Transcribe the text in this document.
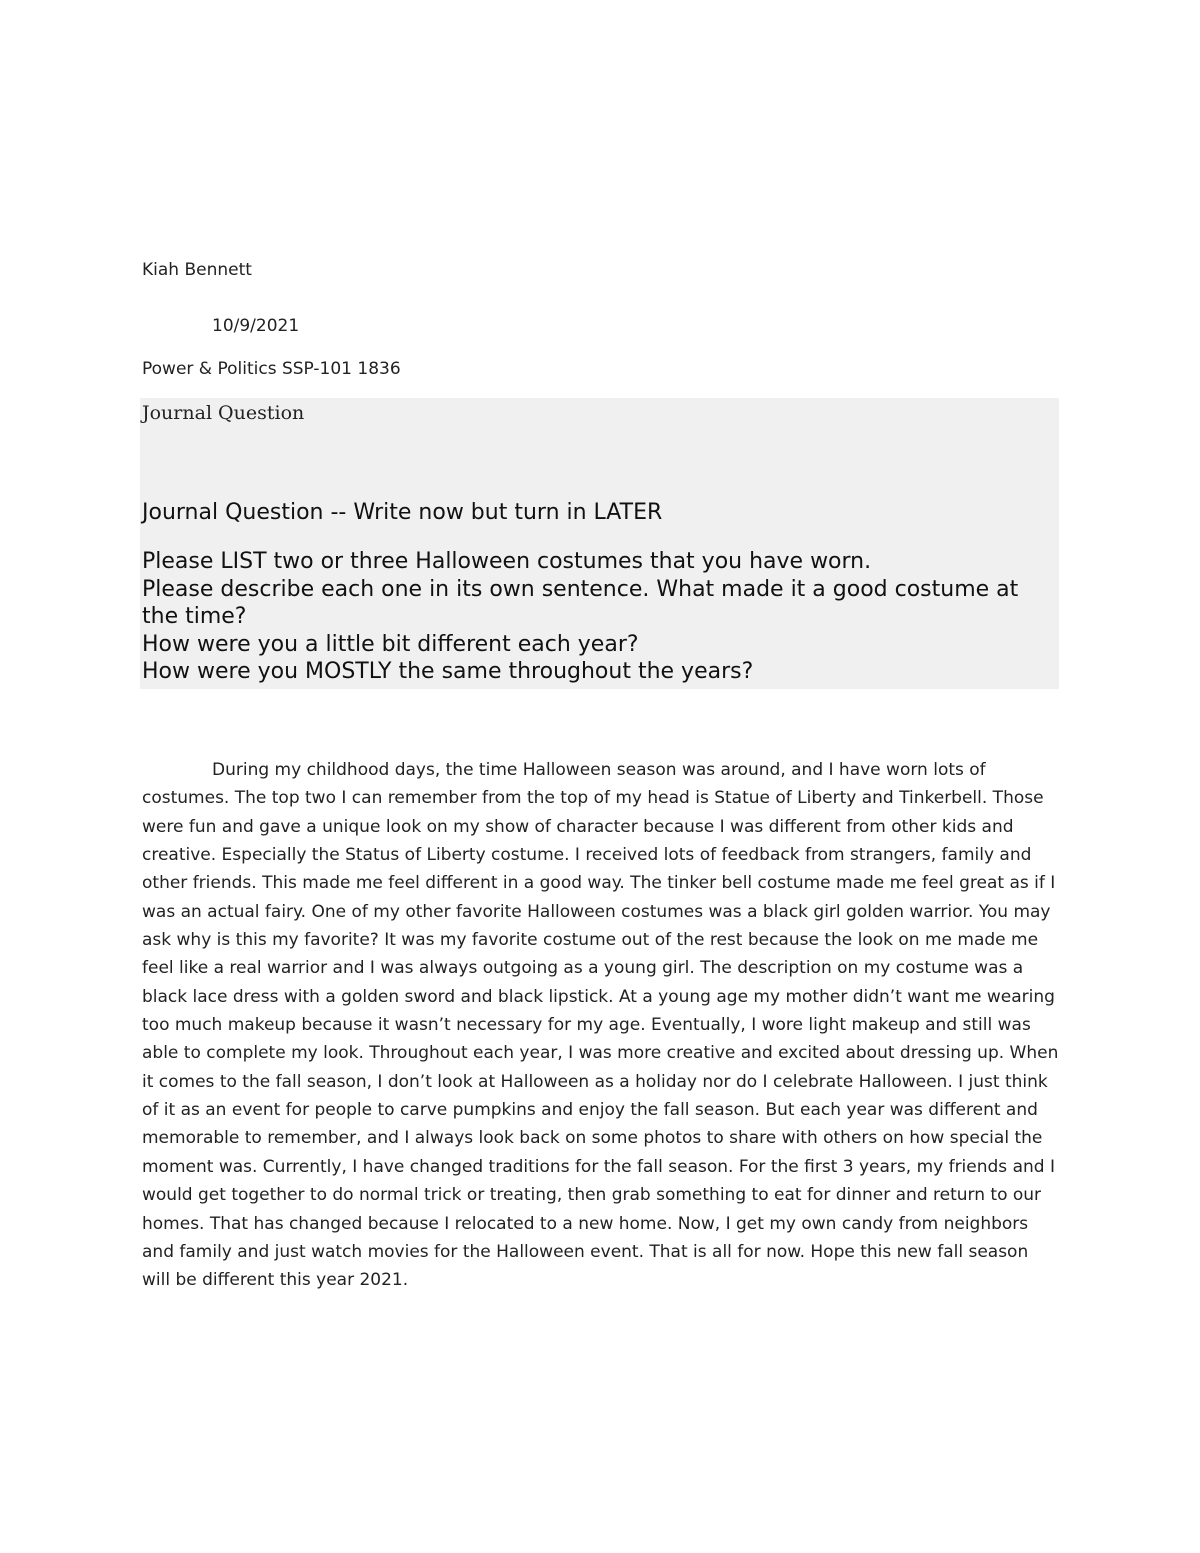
Kiah Bennett
10/9/2021
Power & Politics SSP-101 1836
Journal Question
Journal Question -- Write now but turn in LATER
Please LIST two or three Halloween costumes that you have worn.
Please describe each one in its own sentence. What made it a good costume at the time?
How were you a little bit different each year?
How were you MOSTLY the same throughout the years?

During my childhood days, the time Halloween season was around, and I have worn lots of costumes. The top two I can remember from the top of my head is Statue of Liberty and Tinkerbell. Those were fun and gave a unique look on my show of character because I was different from other kids and creative. Especially the Status of Liberty costume. I received lots of feedback from strangers, family and other friends. This made me feel different in a good way. The tinker bell costume made me feel great as if I was an actual fairy. One of my other favorite Halloween costumes was a black girl golden warrior. You may ask why is this my favorite? It was my favorite costume out of the rest because the look on me made me feel like a real warrior and I was always outgoing as a young girl. The description on my costume was a black lace dress with a golden sword and black lipstick. At a young age my mother didn’t want me wearing too much makeup because it wasn’t necessary for my age. Eventually, I wore light makeup and still was able to complete my look. Throughout each year, I was more creative and excited about dressing up. When it comes to the fall season, I don’t look at Halloween as a holiday nor do I celebrate Halloween. I just think of it as an event for people to carve pumpkins and enjoy the fall season. But each year was different and memorable to remember, and I always look back on some photos to share with others on how special the moment was. Currently, I have changed traditions for the fall season. For the first 3 years, my friends and I would get together to do normal trick or treating, then grab something to eat for dinner and return to our homes. That has changed because I relocated to a new home. Now, I get my own candy from neighbors and family and just watch movies for the Halloween event. That is all for now. Hope this new fall season will be different this year 2021.
